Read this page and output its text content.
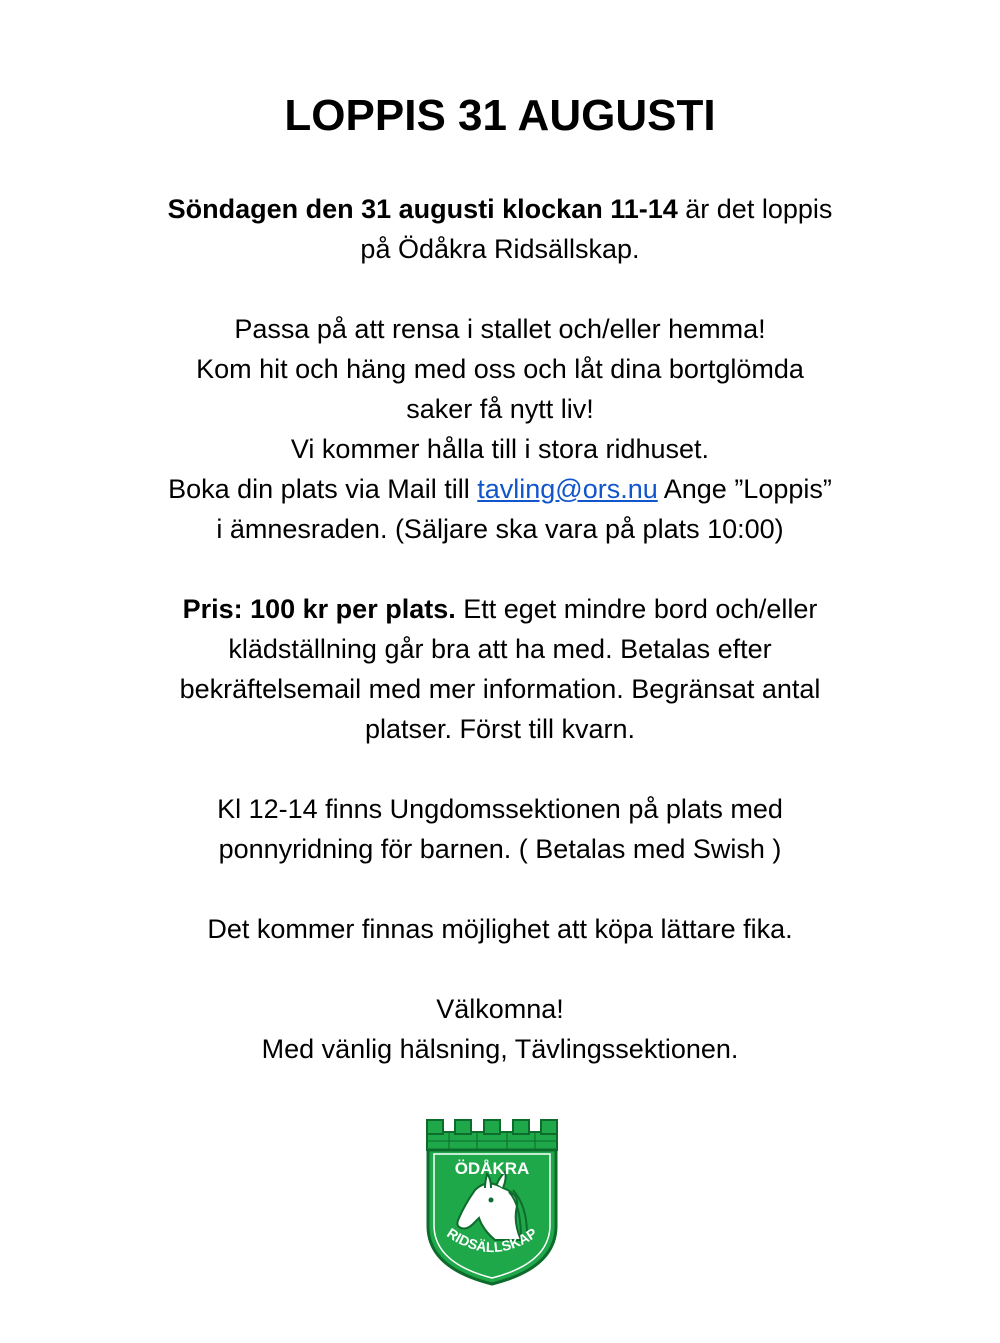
LOPPIS 31 AUGUSTI

Söndagen den 31 augusti klockan 11-14 är det loppis
på Ödåkra Ridsällskap.

Passa på att rensa i stallet och/eller hemma!
Kom hit och häng med oss och låt dina bortglömda
saker få nytt liv!
Vi kommer hålla till i stora ridhuset.
Boka din plats via Mail till tavling@ors.nu Ange ”Loppis”
i ämnesraden. (Säljare ska vara på plats 10:00)

Pris: 100 kr per plats. Ett eget mindre bord och/eller
klädställning går bra att ha med. Betalas efter
bekräftelsemail med mer information. Begränsat antal
platser. Först till kvarn.

Kl 12-14 finns Ungdomssektionen på plats med
ponnyridning för barnen. ( Betalas med Swish )

Det kommer finnas möjlighet att köpa lättare fika.

Välkomna!
Med vänlig hälsning, Tävlingssektionen.

ÖDÅKRA
RIDSÄLLSKAP
